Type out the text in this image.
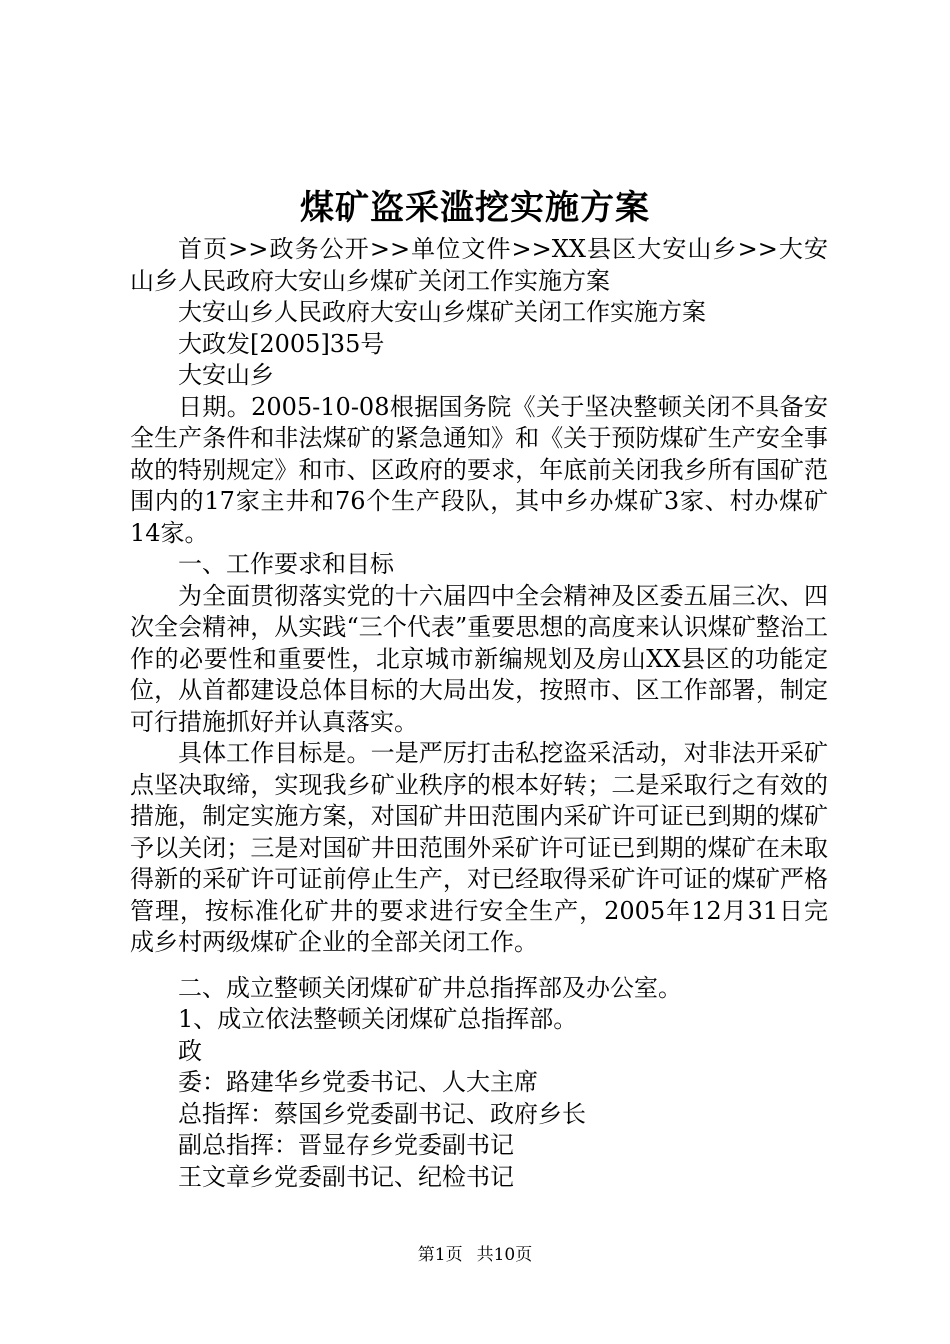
煤矿盗采滥挖实施方案

首页>>政务公开>>单位文件>>XX县区大安山乡>>大安山乡人民政府大安山乡煤矿关闭工作实施方案

大安山乡人民政府大安山乡煤矿关闭工作实施方案

大政发[2005]35号

大安山乡

日期。2005-10-08根据国务院《关于坚决整顿关闭不具备安全生产条件和非法煤矿的紧急通知》和《关于预防煤矿生产安全事故的特别规定》和市、区政府的要求，年底前关闭我乡所有国矿范围内的17家主井和76个生产段队，其中乡办煤矿3家、村办煤矿14家。

一、工作要求和目标

为全面贯彻落实党的十六届四中全会精神及区委五届三次、四次全会精神，从实践“三个代表”重要思想的高度来认识煤矿整治工作的必要性和重要性，北京城市新编规划及房山XX县区的功能定位，从首都建设总体目标的大局出发，按照市、区工作部署，制定可行措施抓好并认真落实。

具体工作目标是。一是严厉打击私挖盗采活动，对非法开采矿点坚决取缔，实现我乡矿业秩序的根本好转；二是采取行之有效的措施，制定实施方案，对国矿井田范围内采矿许可证已到期的煤矿予以关闭；三是对国矿井田范围外采矿许可证已到期的煤矿在未取得新的采矿许可证前停止生产，对已经取得采矿许可证的煤矿严格管理，按标准化矿井的要求进行安全生产，2005年12月31日完成乡村两级煤矿企业的全部关闭工作。

二、成立整顿关闭煤矿矿井总指挥部及办公室。

1、成立依法整顿关闭煤矿总指挥部。

政

委：路建华乡党委书记、人大主席

总指挥：蔡国乡党委副书记、政府乡长

副总指挥：晋显存乡党委副书记

王文章乡党委副书记、纪检书记

第1页 共10页
